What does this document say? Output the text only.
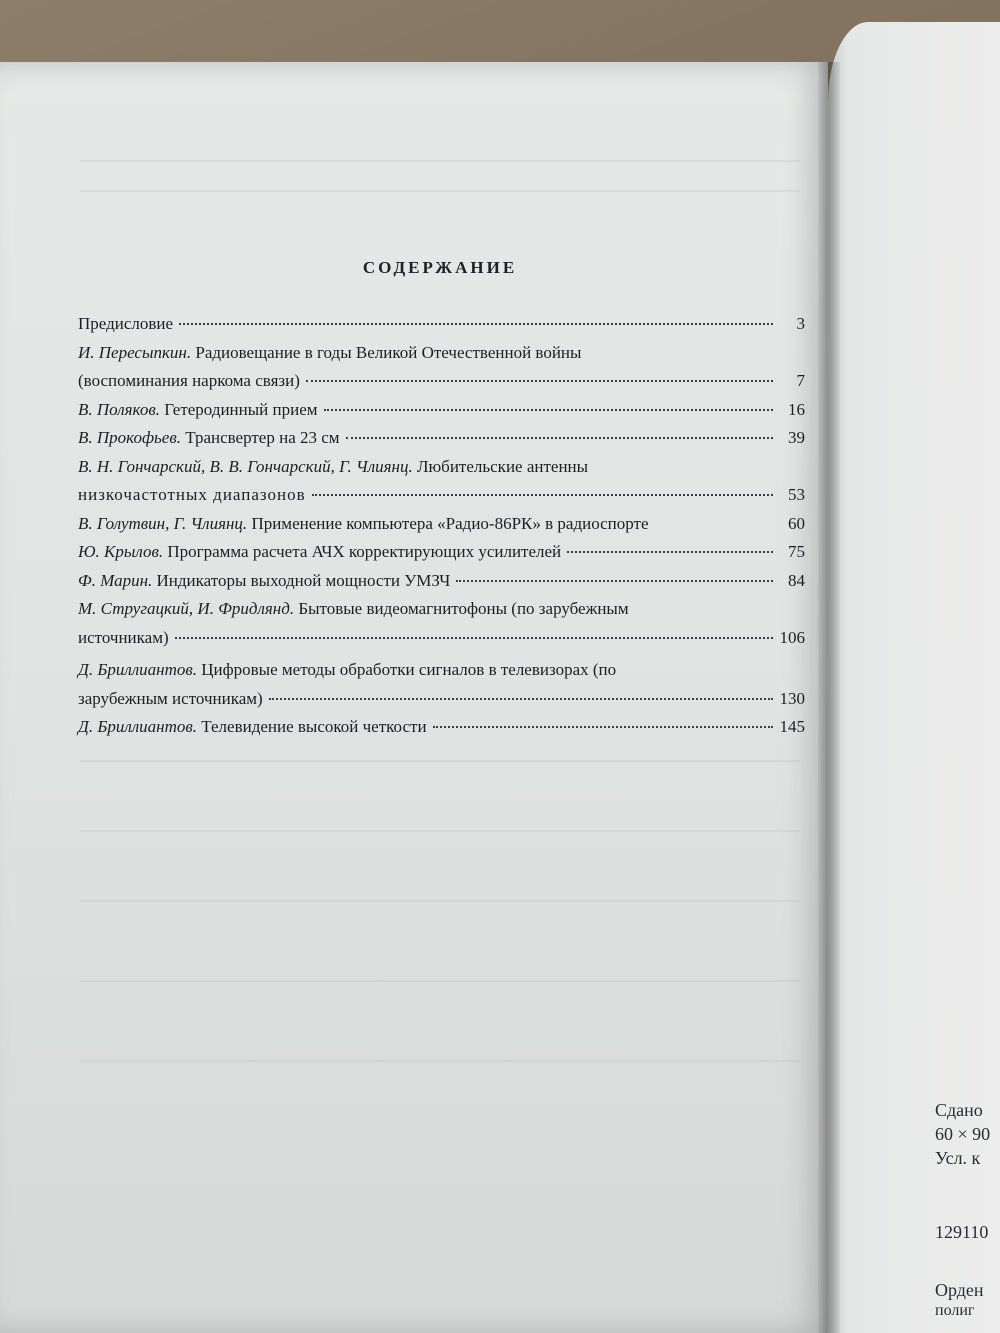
СОДЕРЖАНИЕ
Предисловие	3
И. Пересыпкин. Радиовещание в годы Великой Отечественной войны
(воспоминания наркома связи)	7
В. Поляков. Гетеродинный прием	16
В. Прокофьев. Трансвертер на 23 см	39
В. Н. Гончарский, В. В. Гончарский, Г. Члиянц. Любительские антенны
низкочастотных диапазонов	53
В. Голутвин, Г. Члиянц. Применение компьютера «Радио-86РК» в радиоспорте	60
Ю. Крылов. Программа расчета АЧХ корректирующих усилителей	75
Ф. Марин. Индикаторы выходной мощности УМЗЧ	84
М. Стругацкий, И. Фридлянд. Бытовые видеомагнитофоны (по зарубежным
источникам)	106
Д. Бриллиантов. Цифровые методы обработки сигналов в телевизорах (по
зарубежным источникам)	130
Д. Бриллиантов. Телевидение высокой четкости	145
Сдано
60 × 90
Усл. к
129110
Орден
полиг
